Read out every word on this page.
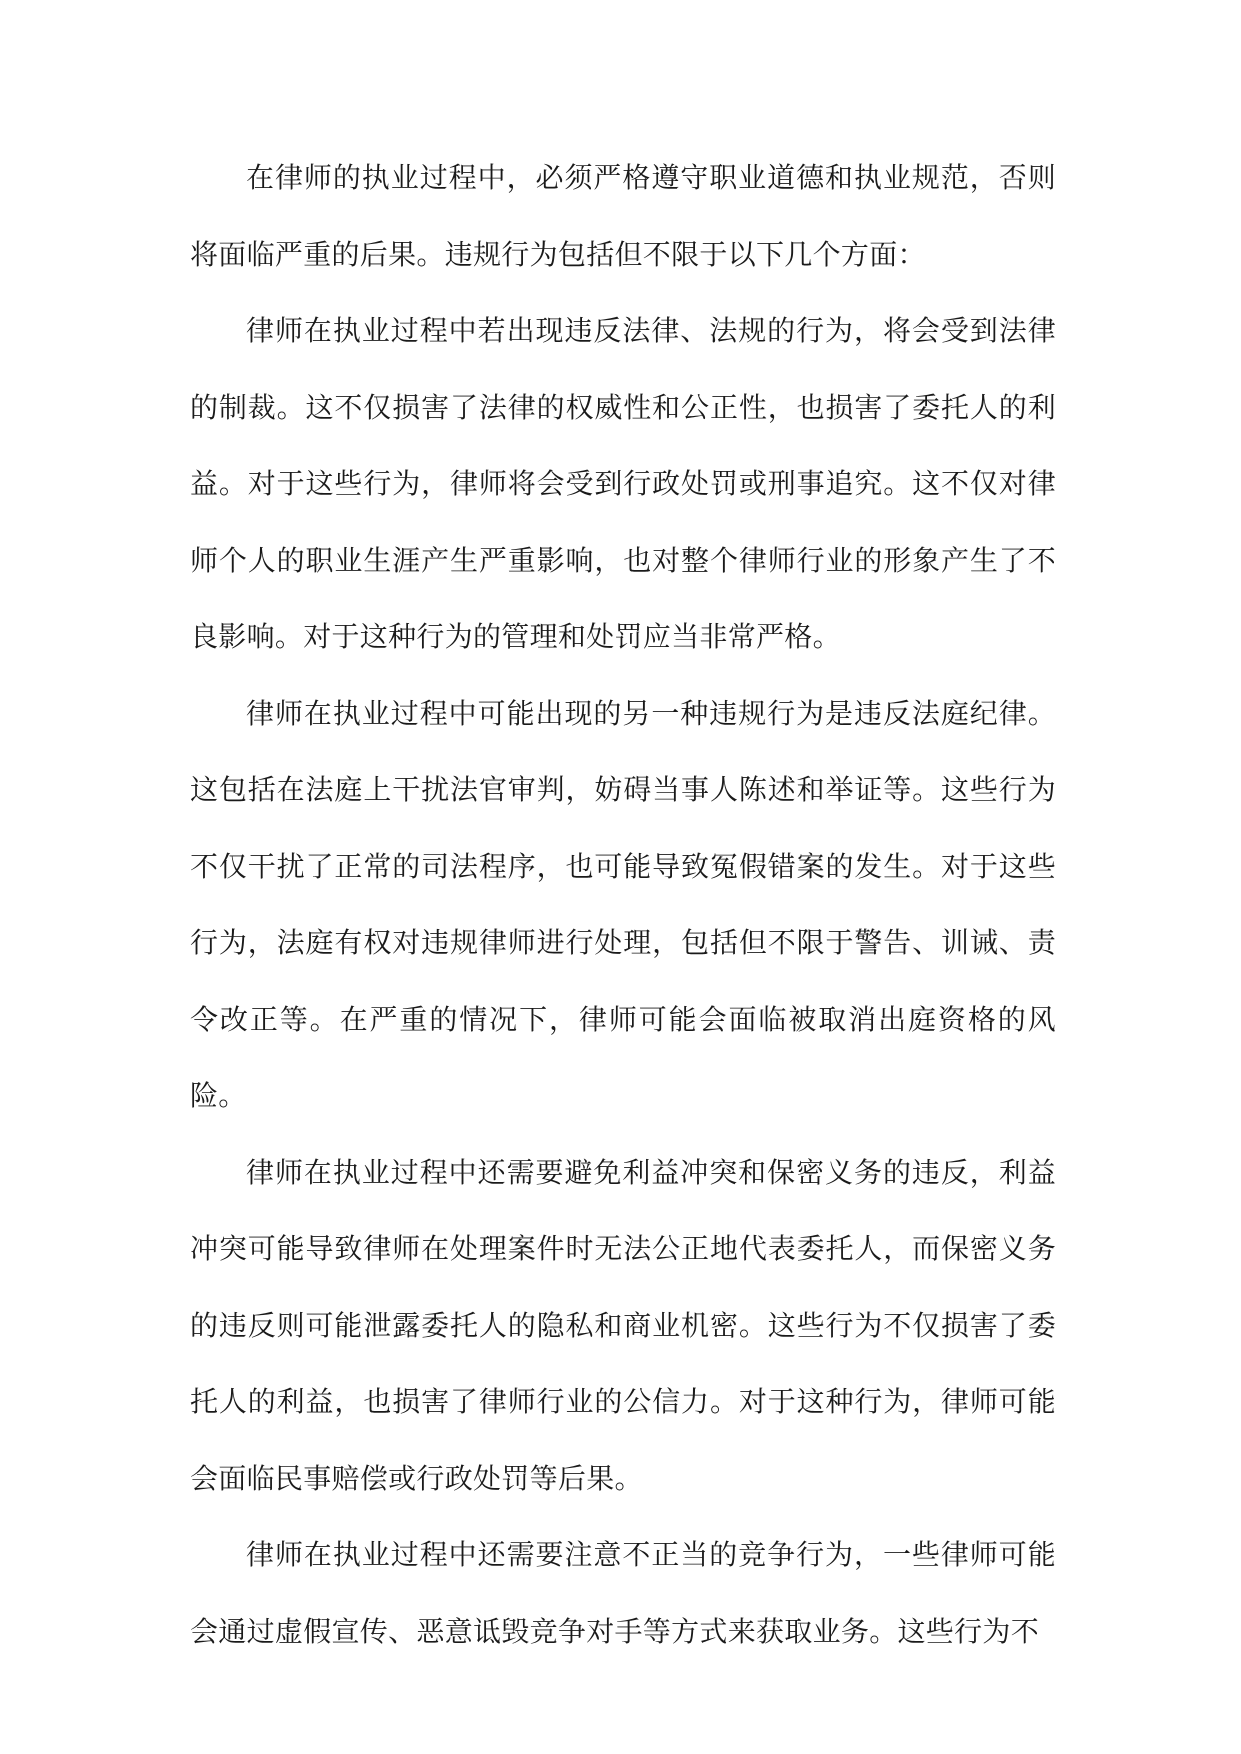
在律师的执业过程中，必须严格遵守职业道德和执业规范，否则将面临严重的后果。违规行为包括但不限于以下几个方面：

律师在执业过程中若出现违反法律、法规的行为，将会受到法律的制裁。这不仅损害了法律的权威性和公正性，也损害了委托人的利益。对于这些行为，律师将会受到行政处罚或刑事追究。这不仅对律师个人的职业生涯产生严重影响，也对整个律师行业的形象产生了不良影响。对于这种行为的管理和处罚应当非常严格。

律师在执业过程中可能出现的另一种违规行为是违反法庭纪律。这包括在法庭上干扰法官审判，妨碍当事人陈述和举证等。这些行为不仅干扰了正常的司法程序，也可能导致冤假错案的发生。对于这些行为，法庭有权对违规律师进行处理，包括但不限于警告、训诫、责令改正等。在严重的情况下，律师可能会面临被取消出庭资格的风险。

律师在执业过程中还需要避免利益冲突和保密义务的违反，利益冲突可能导致律师在处理案件时无法公正地代表委托人，而保密义务的违反则可能泄露委托人的隐私和商业机密。这些行为不仅损害了委托人的利益，也损害了律师行业的公信力。对于这种行为，律师可能会面临民事赔偿或行政处罚等后果。

律师在执业过程中还需要注意不正当的竞争行为，一些律师可能会通过虚假宣传、恶意诋毁竞争对手等方式来获取业务。这些行为不
